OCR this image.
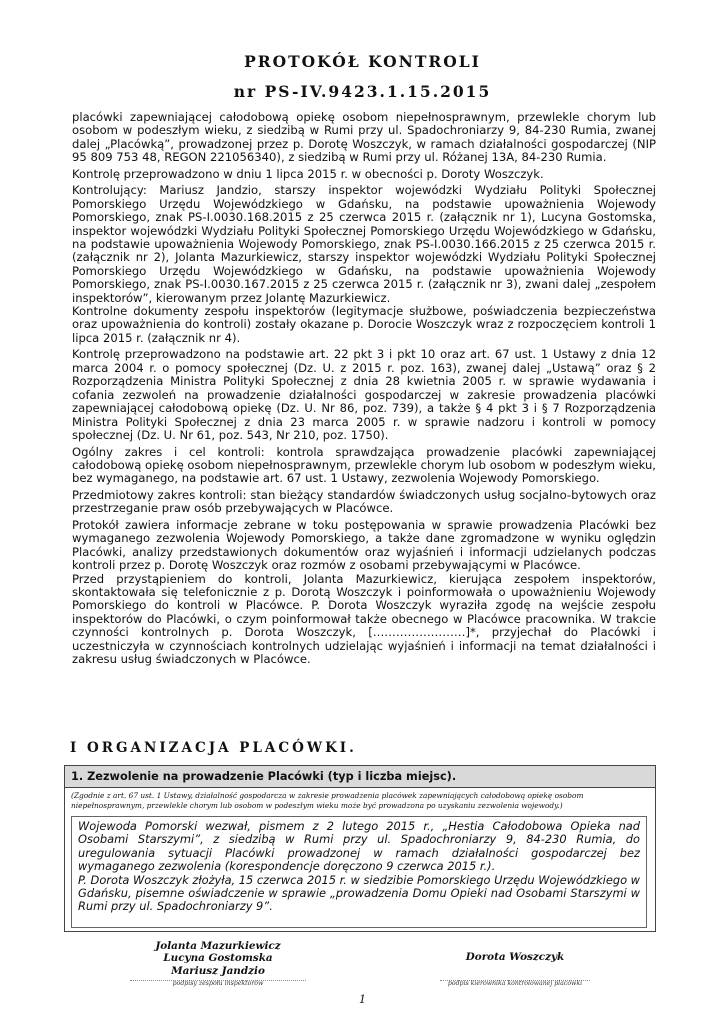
PROTOKÓŁ KONTROLI
nr PS-IV.9423.1.15.2015

placówki zapewniającej całodobową opiekę osobom niepełnosprawnym, przewlekle chorym lub osobom w podeszłym wieku, z siedzibą w Rumi przy ul. Spadochroniarzy 9, 84-230 Rumia, zwanej dalej „Placówką”, prowadzonej przez p. Dorotę Woszczyk, w ramach działalności gospodarczej (NIP 95 809 753 48, REGON 221056340), z siedzibą w Rumi przy ul. Różanej 13A, 84-230 Rumia.

Kontrolę przeprowadzono w dniu 1 lipca 2015 r. w obecności p. Doroty Woszczyk.

Kontrolujący: Mariusz Jandzio, starszy inspektor wojewódzki Wydziału Polityki Społecznej Pomorskiego Urzędu Wojewódzkiego w Gdańsku, na podstawie upoważnienia Wojewody Pomorskiego, znak PS-I.0030.168.2015 z 25 czerwca 2015 r. (załącznik nr 1), Lucyna Gostomska, inspektor wojewódzki Wydziału Polityki Społecznej Pomorskiego Urzędu Wojewódzkiego w Gdańsku, na podstawie upoważnienia Wojewody Pomorskiego, znak PS-I.0030.166.2015 z 25 czerwca 2015 r. (załącznik nr 2), Jolanta Mazurkiewicz, starszy inspektor wojewódzki Wydziału Polityki Społecznej Pomorskiego Urzędu Wojewódzkiego w Gdańsku, na podstawie upoważnienia Wojewody Pomorskiego, znak PS-I.0030.167.2015 z 25 czerwca 2015 r. (załącznik nr 3), zwani dalej „zespołem inspektorów”, kierowanym przez Jolantę Mazurkiewicz.

Kontrolne dokumenty zespołu inspektorów (legitymacje służbowe, poświadczenia bezpieczeństwa oraz upoważnienia do kontroli) zostały okazane p. Dorocie Woszczyk wraz z rozpoczęciem kontroli 1 lipca 2015 r. (załącznik nr 4).

Kontrolę przeprowadzono na podstawie art. 22 pkt 3 i pkt 10 oraz art. 67 ust. 1 Ustawy z dnia 12 marca 2004 r. o pomocy społecznej (Dz. U. z 2015 r. poz. 163), zwanej dalej „Ustawą” oraz § 2 Rozporządzenia Ministra Polityki Społecznej z dnia 28 kwietnia 2005 r. w sprawie wydawania i cofania zezwoleń na prowadzenie działalności gospodarczej w zakresie prowadzenia placówki zapewniającej całodobową opiekę (Dz. U. Nr 86, poz. 739), a także § 4 pkt 3 i § 7 Rozporządzenia Ministra Polityki Społecznej z dnia 23 marca 2005 r. w sprawie nadzoru i kontroli w pomocy społecznej (Dz. U. Nr 61, poz. 543, Nr 210, poz. 1750).

Ogólny zakres i cel kontroli: kontrola sprawdzająca prowadzenie placówki zapewniającej całodobową opiekę osobom niepełnosprawnym, przewlekle chorym lub osobom w podeszłym wieku, bez wymaganego, na podstawie art. 67 ust. 1 Ustawy, zezwolenia Wojewody Pomorskiego.

Przedmiotowy zakres kontroli: stan bieżący standardów świadczonych usług socjalno-bytowych oraz przestrzeganie praw osób przebywających w Placówce.

Protokół zawiera informacje zebrane w toku postępowania w sprawie prowadzenia Placówki bez wymaganego zezwolenia Wojewody Pomorskiego, a także dane zgromadzone w wyniku oględzin Placówki, analizy przedstawionych dokumentów oraz wyjaśnień i informacji udzielanych podczas kontroli przez p. Dorotę Woszczyk oraz rozmów z osobami przebywającymi w Placówce.

Przed przystąpieniem do kontroli, Jolanta Mazurkiewicz, kierująca zespołem inspektorów, skontaktowała się telefonicznie z p. Dorotą Woszczyk i poinformowała o upoważnieniu Wojewody Pomorskiego do kontroli w Placówce. P. Dorota Woszczyk wyraziła zgodę na wejście zespołu inspektorów do Placówki, o czym poinformował także obecnego w Placówce pracownika. W trakcie czynności kontrolnych p. Dorota Woszczyk, [……………………]*, przyjechał do Placówki i uczestniczyła w czynnościach kontrolnych udzielając wyjaśnień i informacji na temat działalności i zakresu usług świadczonych w Placówce.

I ORGANIZACJA PLACÓWKI.
1. Zezwolenie na prowadzenie Placówki (typ i liczba miejsc).
(Zgodnie z art. 67 ust. 1 Ustawy, działalność gospodarcza w zakresie prowadzenia placówek zapewniających całodobową opiekę osobom niepełnosprawnym, przewlekle chorym lub osobom w podeszłym wieku może być prowadzona po uzyskaniu zezwolenia wojewody.)

Wojewoda Pomorski wezwał, pismem z 2 lutego 2015 r., „Hestia Całodobowa Opieka nad Osobami Starszymi”, z siedzibą w Rumi przy ul. Spadochroniarzy 9, 84-230 Rumia, do uregulowania sytuacji Placówki prowadzonej w ramach działalności gospodarczej bez wymaganego zezwolenia (korespondencje doręczono 9 czerwca 2015 r.).

P. Dorota Woszczyk złożyła, 15 czerwca 2015 r. w siedzibie Pomorskiego Urzędu Wojewódzkiego w Gdańsku, pisemne oświadczenie w sprawie „prowadzenia Domu Opieki nad Osobami Starszymi w Rumi przy ul. Spadochroniarzy 9”.

Jolanta Mazurkiewicz
Lucyna Gostomska
Mariusz Jandzio
podpisy zespołu inspektorów
Dorota Woszczyk
podpis kierownika kontrolowanej placówki
1
